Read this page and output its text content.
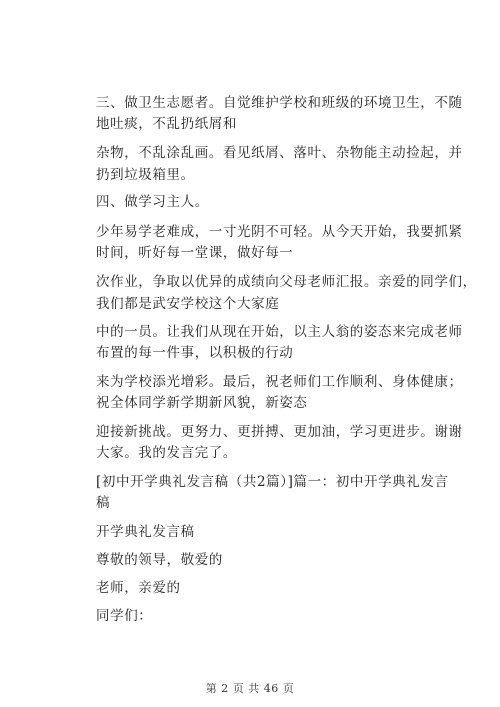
三、做卫生志愿者。自觉维护学校和班级的环境卫生，不随
地吐痰，不乱扔纸屑和
杂物，不乱涂乱画。看见纸屑、落叶、杂物能主动捡起，并
扔到垃圾箱里。
四、做学习主人。
少年易学老难成，一寸光阴不可轻。从今天开始，我要抓紧
时间，听好每一堂课，做好每一
次作业，争取以优异的成绩向父母老师汇报。亲爱的同学们，
我们都是武安学校这个大家庭
中的一员。让我们从现在开始，以主人翁的姿态来完成老师
布置的每一件事，以积极的行动
来为学校添光增彩。最后，祝老师们工作顺利、身体健康；
祝全体同学新学期新风貌，新姿态
迎接新挑战。更努力、更拼搏、更加油，学习更进步。谢谢
大家。我的发言完了。
[初中开学典礼发言稿（共2篇）]篇一：初中开学典礼发言
稿
开学典礼发言稿
尊敬的领导，敬爱的
老师，亲爱的
同学们：
第 2 页 共 46 页
